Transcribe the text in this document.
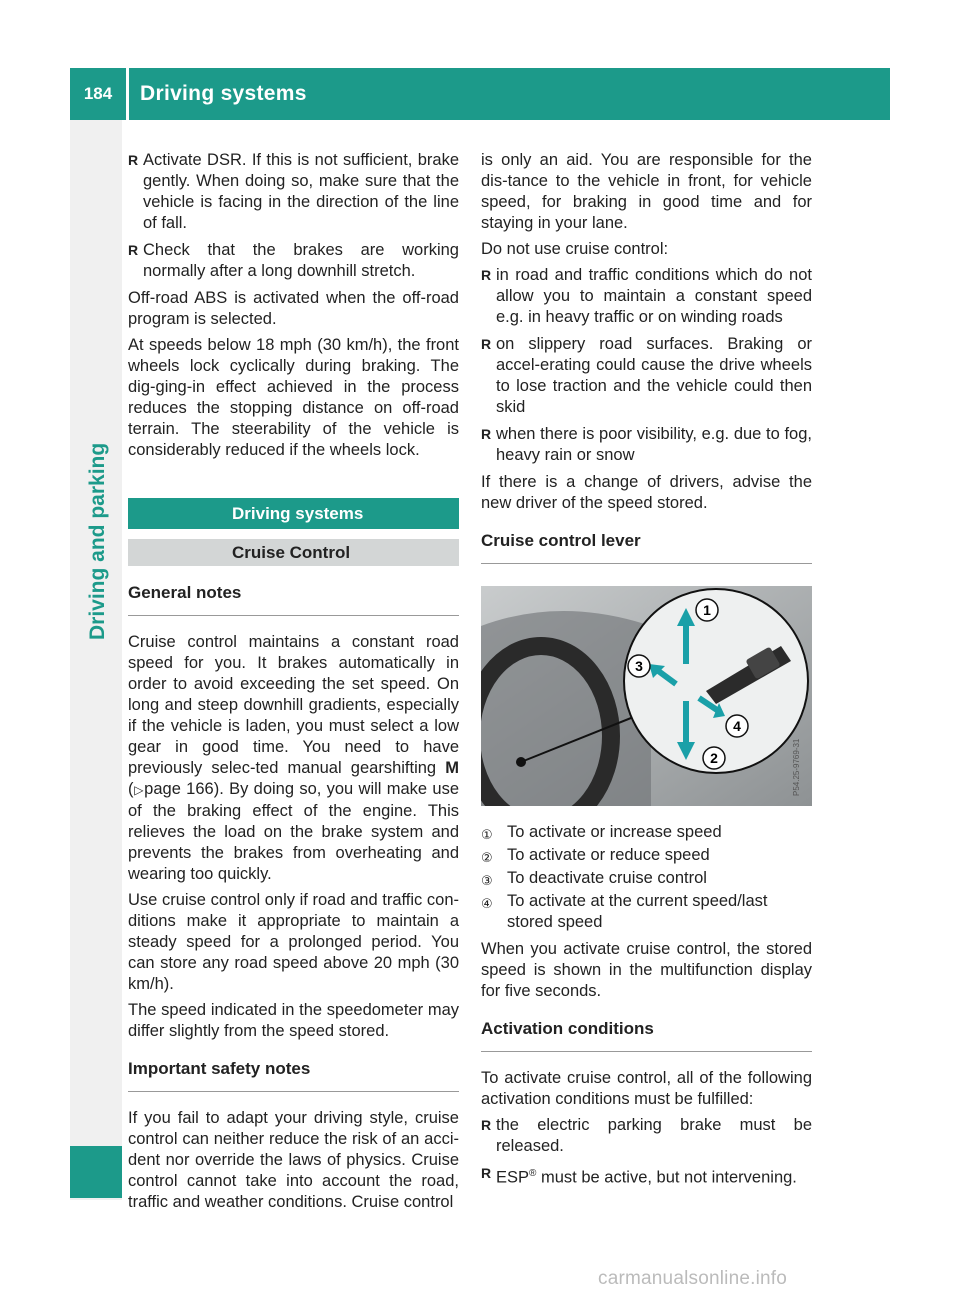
184	Driving systems
Driving and parking
R Activate DSR. If this is not sufficient, brake gently. When doing so, make sure that the vehicle is facing in the direction of the line of fall.
R Check that the brakes are working normally after a long downhill stretch.

Off-road ABS is activated when the off-road program is selected.

At speeds below 18 mph (30 km/h), the front wheels lock cyclically during braking. The dig-ging-in effect achieved in the process reduces the stopping distance on off-road terrain. The steerability of the vehicle is considerably reduced if the wheels lock.

Driving systems
Cruise Control
General notes

Cruise control maintains a constant road speed for you. It brakes automatically in order to avoid exceeding the set speed. On long and steep downhill gradients, especially if the vehicle is laden, you must select a low gear in good time. You need to have previously selec-ted manual gearshifting M (▷page 166). By doing so, you will make use of the braking effect of the engine. This relieves the load on the brake system and prevents the brakes from overheating and wearing too quickly.

Use cruise control only if road and traffic con-ditions make it appropriate to maintain a steady speed for a prolonged period. You can store any road speed above 20 mph (30 km/h).

The speed indicated in the speedometer may differ slightly from the speed stored.

Important safety notes

If you fail to adapt your driving style, cruise control can neither reduce the risk of an acci-dent nor override the laws of physics. Cruise control cannot take into account the road, traffic and weather conditions. Cruise control

is only an aid. You are responsible for the dis-tance to the vehicle in front, for vehicle speed, for braking in good time and for staying in your lane.

Do not use cruise control:

R in road and traffic conditions which do not allow you to maintain a constant speed e.g. in heavy traffic or on winding roads
R on slippery road surfaces. Braking or accel-erating could cause the drive wheels to lose traction and the vehicle could then skid
R when there is poor visibility, e.g. due to fog, heavy rain or snow

If there is a change of drivers, advise the new driver of the speed stored.

Cruise control lever
1
2
3
4
P54.25-9769-31
① To activate or increase speed
② To activate or reduce speed
③ To deactivate cruise control
④ To activate at the current speed/last stored speed

When you activate cruise control, the stored speed is shown in the multifunction display for five seconds.

Activation conditions

To activate cruise control, all of the following activation conditions must be fulfilled:

R the electric parking brake must be released.
R ESP® must be active, but not intervening.
carmanualsonline.info
